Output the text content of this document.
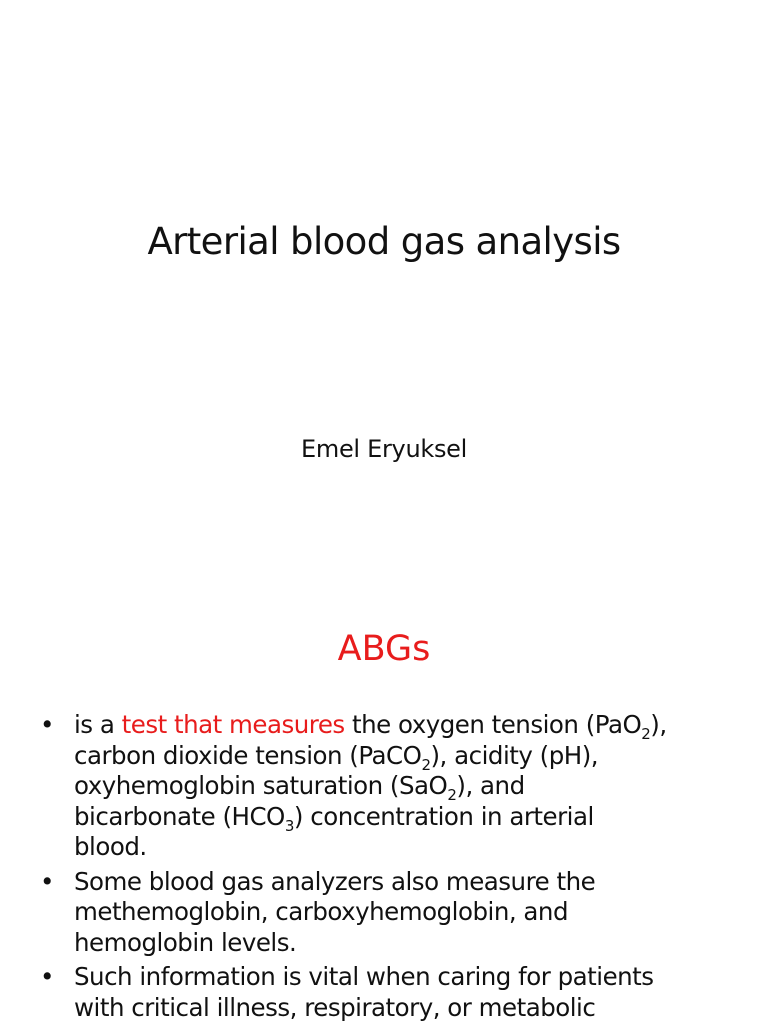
Arterial blood gas analysis
Emel Eryuksel
ABGs
• is a test that measures the oxygen tension (PaO$_2$),
carbon dioxide tension (PaCO$_2$), acidity (pH),
oxyhemoglobin saturation (SaO$_2$), and
bicarbonate $(HCO_3)$ concentration in arterial
blood.
• Some blood gas analyzers also measure the
methemoglobin, carboxyhemoglobin, and
hemoglobin levels.
• Such information is vital when caring for patients
with critical illness, respiratory, or metabolic
